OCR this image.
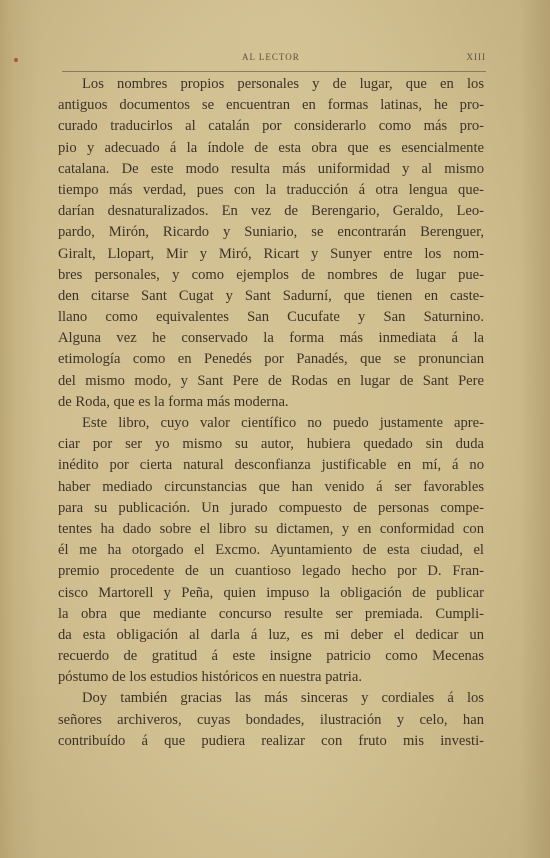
AL LECTOR	XIII
Los nombres propios personales y de lugar, que en los
antiguos documentos se encuentran en formas latinas, he pro-
curado traducirlos al catalán por considerarlo como más pro-
pio y adecuado á la índole de esta obra que es esencialmente
catalana. De este modo resulta más uniformidad y al mismo
tiempo más verdad, pues con la traducción á otra lengua que-
darían desnaturalizados. En vez de Berengario, Geraldo, Leo-
pardo, Mirón, Ricardo y Suniario, se encontrarán Berenguer,
Giralt, Llopart, Mir y Miró, Ricart y Sunyer entre los nom-
bres personales, y como ejemplos de nombres de lugar pue-
den citarse Sant Cugat y Sant Sadurní, que tienen en caste-
llano como equivalentes San Cucufate y San Saturnino.
Alguna vez he conservado la forma más inmediata á la
etimología como en Penedés por Panadés, que se pronuncian
del mismo modo, y Sant Pere de Rodas en lugar de Sant Pere
de Roda, que es la forma más moderna.
Este libro, cuyo valor científico no puedo justamente apre-
ciar por ser yo mismo su autor, hubiera quedado sin duda
inédito por cierta natural desconfianza justificable en mí, á no
haber mediado circunstancias que han venido á ser favorables
para su publicación. Un jurado compuesto de personas compe-
tentes ha dado sobre el libro su dictamen, y en conformidad con
él me ha otorgado el Excmo. Ayuntamiento de esta ciudad, el
premio procedente de un cuantioso legado hecho por D. Fran-
cisco Martorell y Peña, quien impuso la obligación de publicar
la obra que mediante concurso resulte ser premiada. Cumpli-
da esta obligación al darla á luz, es mi deber el dedicar un
recuerdo de gratitud á este insigne patricio como Mecenas
póstumo de los estudios históricos en nuestra patria.
Doy también gracias las más sinceras y cordiales á los
señores archiveros, cuyas bondades, ilustración y celo, han
contribuído á que pudiera realizar con fruto mis investi-
